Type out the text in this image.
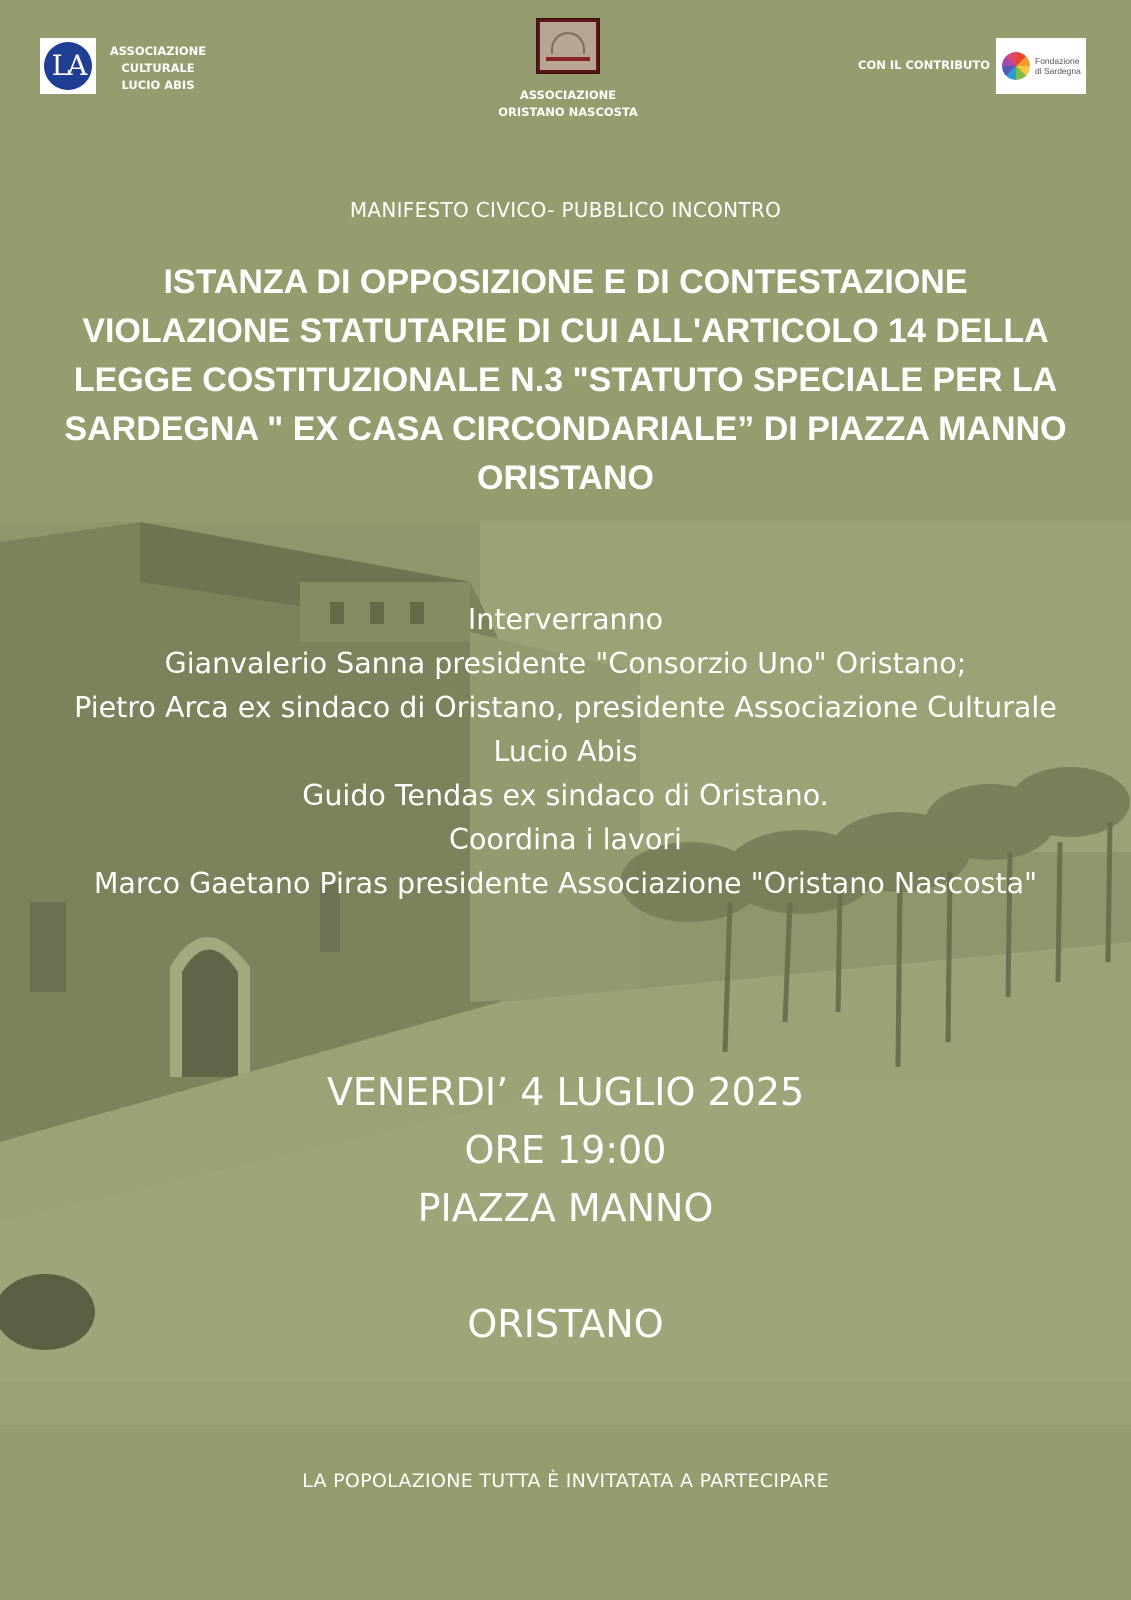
LA	ASSOCIAZIONE
CULTURALE
LUCIO ABIS
ASSOCIAZIONE
ORISTANO NASCOSTA
CON IL CONTRIBUTO	Fondazione
di Sardegna
MANIFESTO CIVICO- PUBBLICO INCONTRO
ISTANZA DI OPPOSIZIONE E DI CONTESTAZIONE
VIOLAZIONE STATUTARIE DI CUI ALL'ARTICOLO 14 DELLA
LEGGE COSTITUZIONALE N.3 "STATUTO SPECIALE PER LA
SARDEGNA " EX CASA CIRCONDARIALE” DI PIAZZA MANNO
ORISTANO
Interverranno
Gianvalerio Sanna presidente "Consorzio Uno" Oristano;
Pietro Arca ex sindaco di Oristano, presidente Associazione Culturale
Lucio Abis
Guido Tendas ex sindaco di Oristano.
Coordina i lavori
Marco Gaetano Piras presidente Associazione "Oristano Nascosta"
VENERDI’ 4 LUGLIO 2025
ORE 19:00
PIAZZA MANNO
ORISTANO
LA POPOLAZIONE TUTTA È INVITATATA A PARTECIPARE
